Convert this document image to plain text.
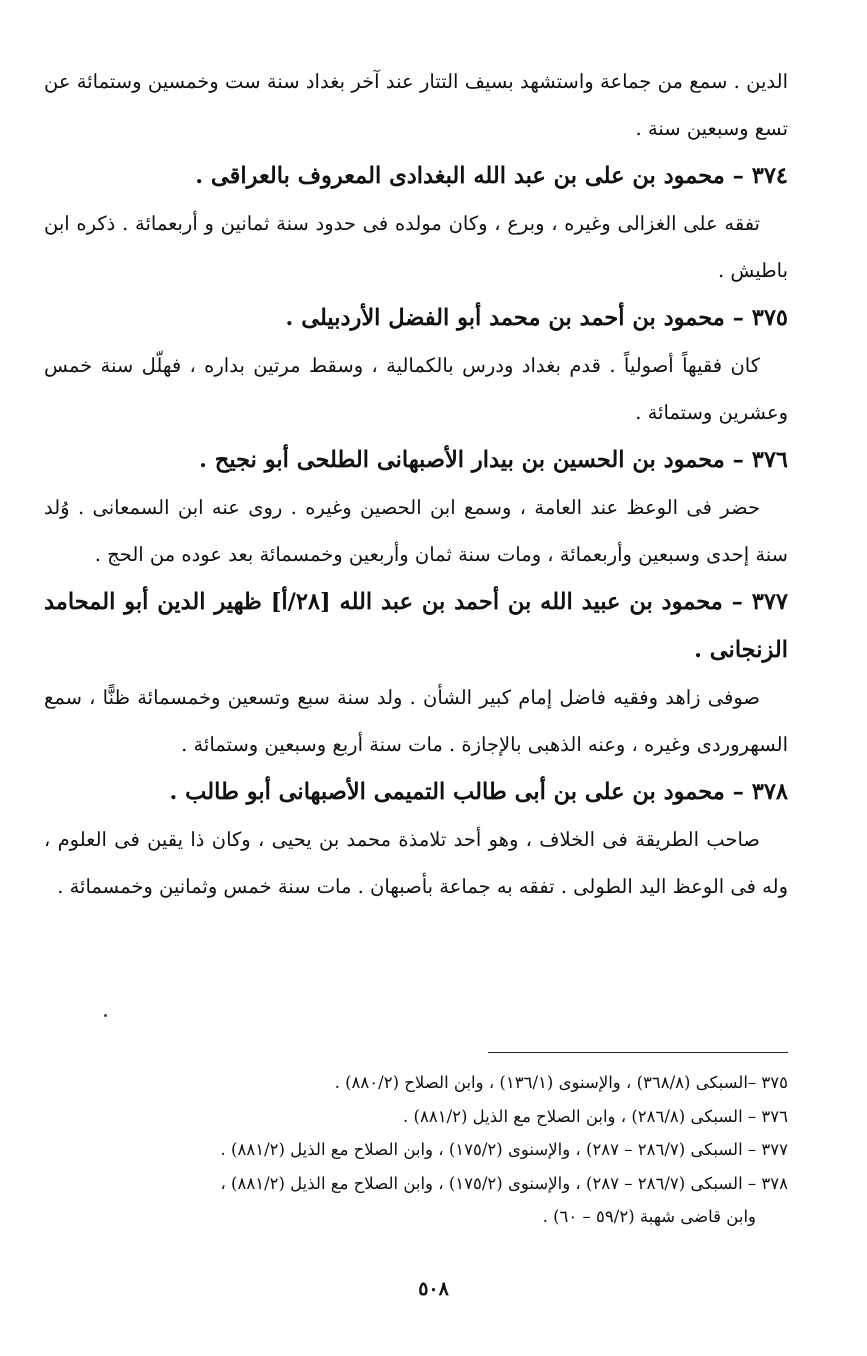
الدين . سمع من جماعة واستشهد بسيف التتار عند آخر بغداد سنة ست وخمسين وستمائة عن تسع وسبعين سنة .

٣٧٤ – محمود بن على بن عبد الله البغدادى المعروف بالعراقى .

تفقه على الغزالى وغيره ، وبرع ، وكان مولده فى حدود سنة ثمانين و أربعمائة . ذكره ابن باطيش .

٣٧٥ – محمود بن أحمد بن محمد أبو الفضل الأردبيلى .

كان فقيهاً أصولياً . قدم بغداد ودرس بالكمالية ، وسقط مرتين بداره ، فهلّل سنة خمس وعشرين وستمائة .

٣٧٦ – محمود بن الحسين بن بيدار الأصبهانى الطلحى أبو نجيح .

حضر فى الوعظ عند العامة ، وسمع ابن الحصين وغيره . روى عنه ابن السمعانى . وُلد سنة إحدى وسبعين وأربعمائة ، ومات سنة ثمان وأربعين وخمسمائة بعد عوده من الحج .

٣٧٧ – محمود بن عبيد الله بن أحمد بن عبد الله [٢٨/أ] ظهير الدين أبو المحامد الزنجانى .

صوفى زاهد وفقيه فاضل إمام كبير الشأن . ولد سنة سبع وتسعين وخمسمائة ظنًّا ، سمع السهروردى وغيره ، وعنه الذهبى بالإجازة . مات سنة أربع وسبعين وستمائة .

٣٧٨ – محمود بن على بن أبى طالب التميمى الأصبهانى أبو طالب .

صاحب الطريقة فى الخلاف ، وهو أحد تلامذة محمد بن يحيى ، وكان ذا يقين فى العلوم ، وله فى الوعظ اليد الطولى . تفقه به جماعة بأصبهان . مات سنة خمس وثمانين وخمسمائة .

٣٧٥ –السبكى (٣٦٨/٨) ، والإسنوى (١٣٦/١) ، وابن الصلاح (٨٨٠/٢) .

٣٧٦ – السبكى (٢٨٦/٨) ، وابن الصلاح مع الذيل (٨٨١/٢) .

٣٧٧ – السبكى (٢٨٦/٧ – ٢٨٧) ، والإسنوى (١٧٥/٢) ، وابن الصلاح مع الذيل (٨٨١/٢) .

٣٧٨ – السبكى (٢٨٦/٧ – ٢٨٧) ، والإسنوى (١٧٥/٢) ، وابن الصلاح مع الذيل (٨٨١/٢) ،

وابن قاضى شهبة (٥٩/٢ – ٦٠) .

٥٠٨
